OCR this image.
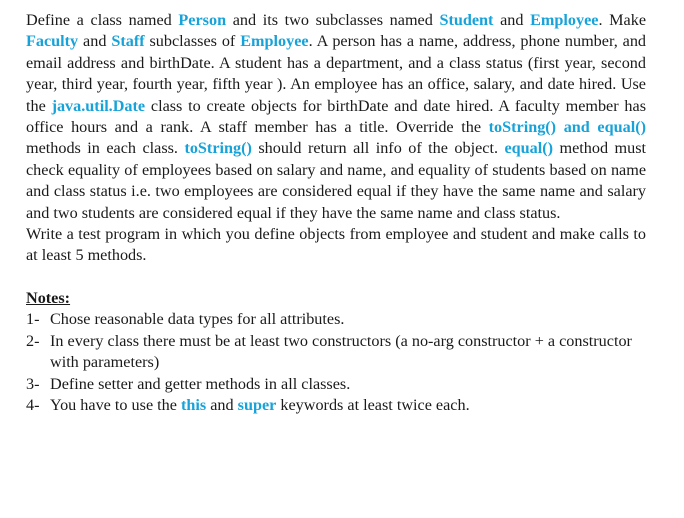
Define a class named Person and its two subclasses named Student and Employee. Make Faculty and Staff subclasses of Employee. A person has a name, address, phone number, and email address and birthDate. A student has a department, and a class status (first year, second year, third year, fourth year, fifth year ). An employee has an office, salary, and date hired. Use the java.util.Date class to create objects for birthDate and date hired. A faculty member has office hours and a rank. A staff member has a title. Override the toString() and equal() methods in each class. toString() should return all info of the object. equal() method must check equality of employees based on salary and name, and equality of students based on name and class status i.e. two employees are considered equal if they have the same name and salary and two students are considered equal if they have the same name and class status.

Write a test program in which you define objects from employee and student and make calls to at least 5 methods.

Notes:

1- Chose reasonable data types for all attributes.
2- In every class there must be at least two constructors (a no-arg constructor + a constructor with parameters)
3- Define setter and getter methods in all classes.
4- You have to use the this and super keywords at least twice each.
